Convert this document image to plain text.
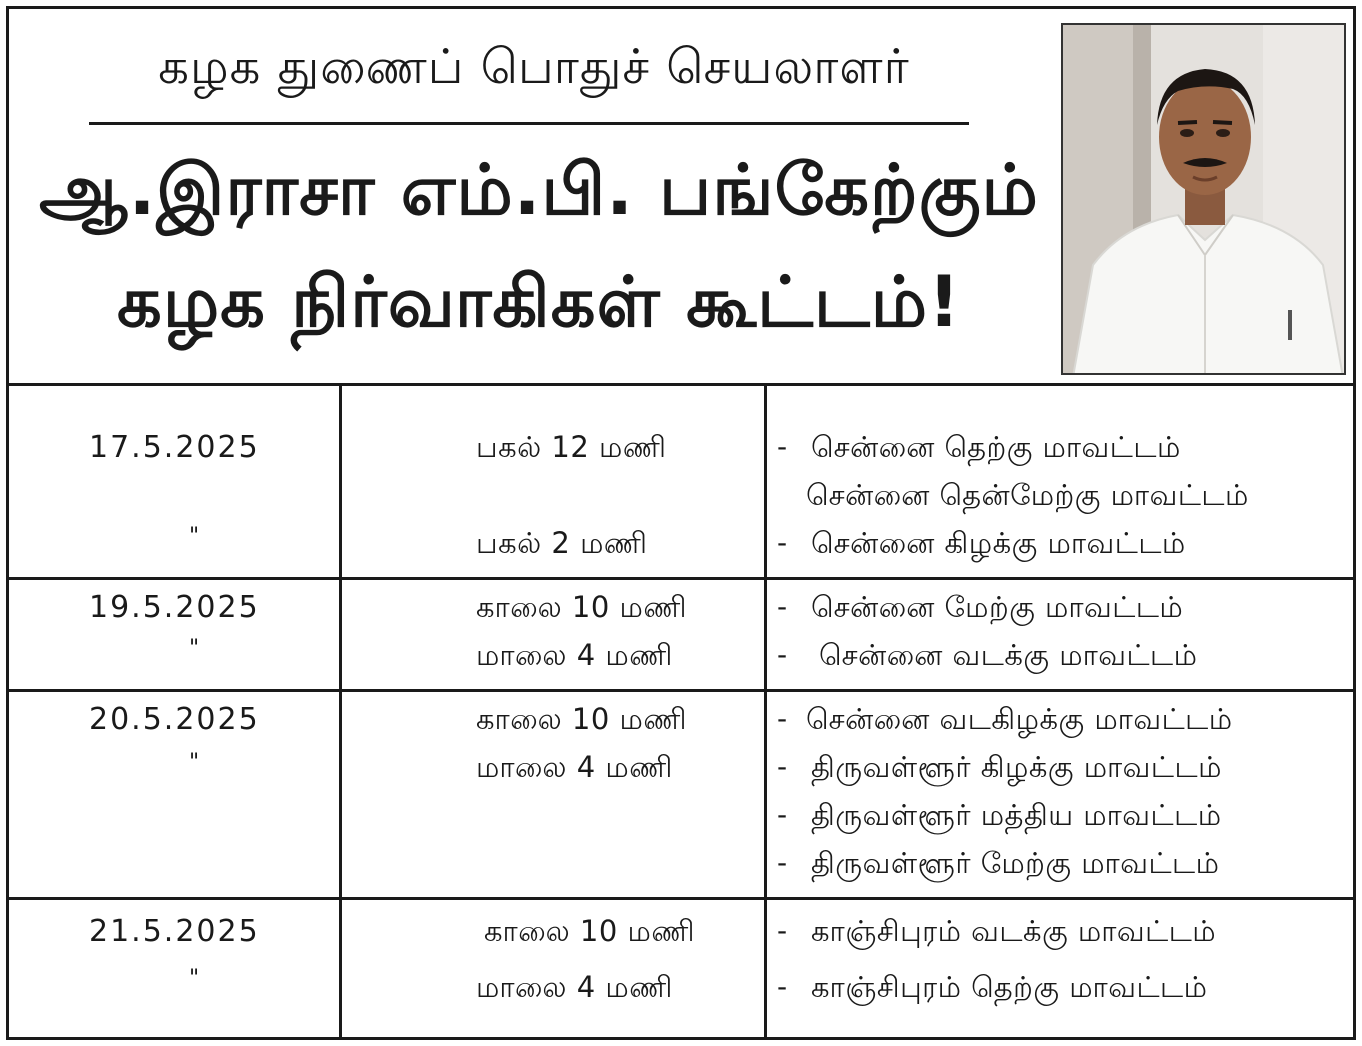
கழக துணைப் பொதுச் செயலாளர்
ஆ.இராசா எம்.பி. பங்கேற்கும்
கழக நிர்வாகிகள் கூட்டம்!
17.5.2025
"
பகல் 12 மணி
பகல் 2 மணி
- சென்னை தெற்கு மாவட்டம்
சென்னை தென்மேற்கு மாவட்டம்
- சென்னை கிழக்கு மாவட்டம்
19.5.2025
"
காலை 10 மணி
மாலை 4 மணி
- சென்னை மேற்கு மாவட்டம்
- சென்னை வடக்கு மாவட்டம்
20.5.2025
"
காலை 10 மணி
மாலை 4 மணி
- சென்னை வடகிழக்கு மாவட்டம்
- திருவள்ளூர் கிழக்கு மாவட்டம்
- திருவள்ளூர் மத்திய மாவட்டம்
- திருவள்ளூர் மேற்கு மாவட்டம்
21.5.2025
"
காலை 10 மணி
மாலை 4 மணி
- காஞ்சிபுரம் வடக்கு மாவட்டம்
- காஞ்சிபுரம் தெற்கு மாவட்டம்
